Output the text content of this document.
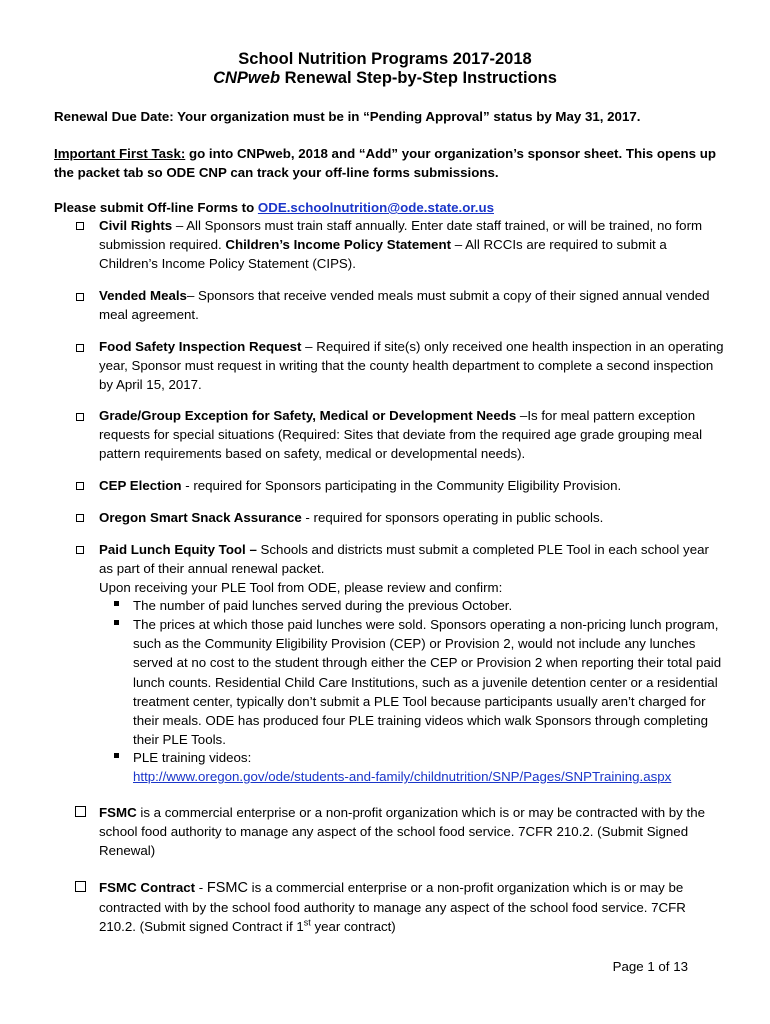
School Nutrition Programs 2017-2018
CNPweb Renewal Step-by-Step Instructions
Renewal Due Date: Your organization must be in “Pending Approval” status by May 31, 2017.
Important First Task: go into CNPweb, 2018 and “Add” your organization’s sponsor sheet. This opens up the packet tab so ODE CNP can track your off-line forms submissions.
Please submit Off-line Forms to ODE.schoolnutrition@ode.state.or.us
Civil Rights – All Sponsors must train staff annually. Enter date staff trained, or will be trained, no form submission required. Children’s Income Policy Statement – All RCCIs are required to submit a Children’s Income Policy Statement (CIPS).
Vended Meals– Sponsors that receive vended meals must submit a copy of their signed annual vended meal agreement.
Food Safety Inspection Request – Required if site(s) only received one health inspection in an operating year, Sponsor must request in writing that the county health department to complete a second inspection by April 15, 2017.
Grade/Group Exception for Safety, Medical or Development Needs –Is for meal pattern exception requests for special situations (Required: Sites that deviate from the required age grade grouping meal pattern requirements based on safety, medical or developmental needs).
CEP Election - required for Sponsors participating in the Community Eligibility Provision.
Oregon Smart Snack Assurance - required for sponsors operating in public schools.
Paid Lunch Equity Tool – Schools and districts must submit a completed PLE Tool in each school year as part of their annual renewal packet.
Upon receiving your PLE Tool from ODE, please review and confirm:
The number of paid lunches served during the previous October.
The prices at which those paid lunches were sold. Sponsors operating a non-pricing lunch program, such as the Community Eligibility Provision (CEP) or Provision 2, would not include any lunches served at no cost to the student through either the CEP or Provision 2 when reporting their total paid lunch counts. Residential Child Care Institutions, such as a juvenile detention center or a residential treatment center, typically don’t submit a PLE Tool because participants usually aren’t charged for their meals. ODE has produced four PLE training videos which walk Sponsors through completing their PLE Tools.
PLE training videos:
http://www.oregon.gov/ode/students-and-family/childnutrition/SNP/Pages/SNPTraining.aspx
FSMC is a commercial enterprise or a non-profit organization which is or may be contracted with by the school food authority to manage any aspect of the school food service. 7CFR 210.2. (Submit Signed Renewal)
FSMC Contract - FSMC is a commercial enterprise or a non-profit organization which is or may be contracted with by the school food authority to manage any aspect of the school food service. 7CFR 210.2. (Submit signed Contract if 1st year contract)
Page 1 of 13
